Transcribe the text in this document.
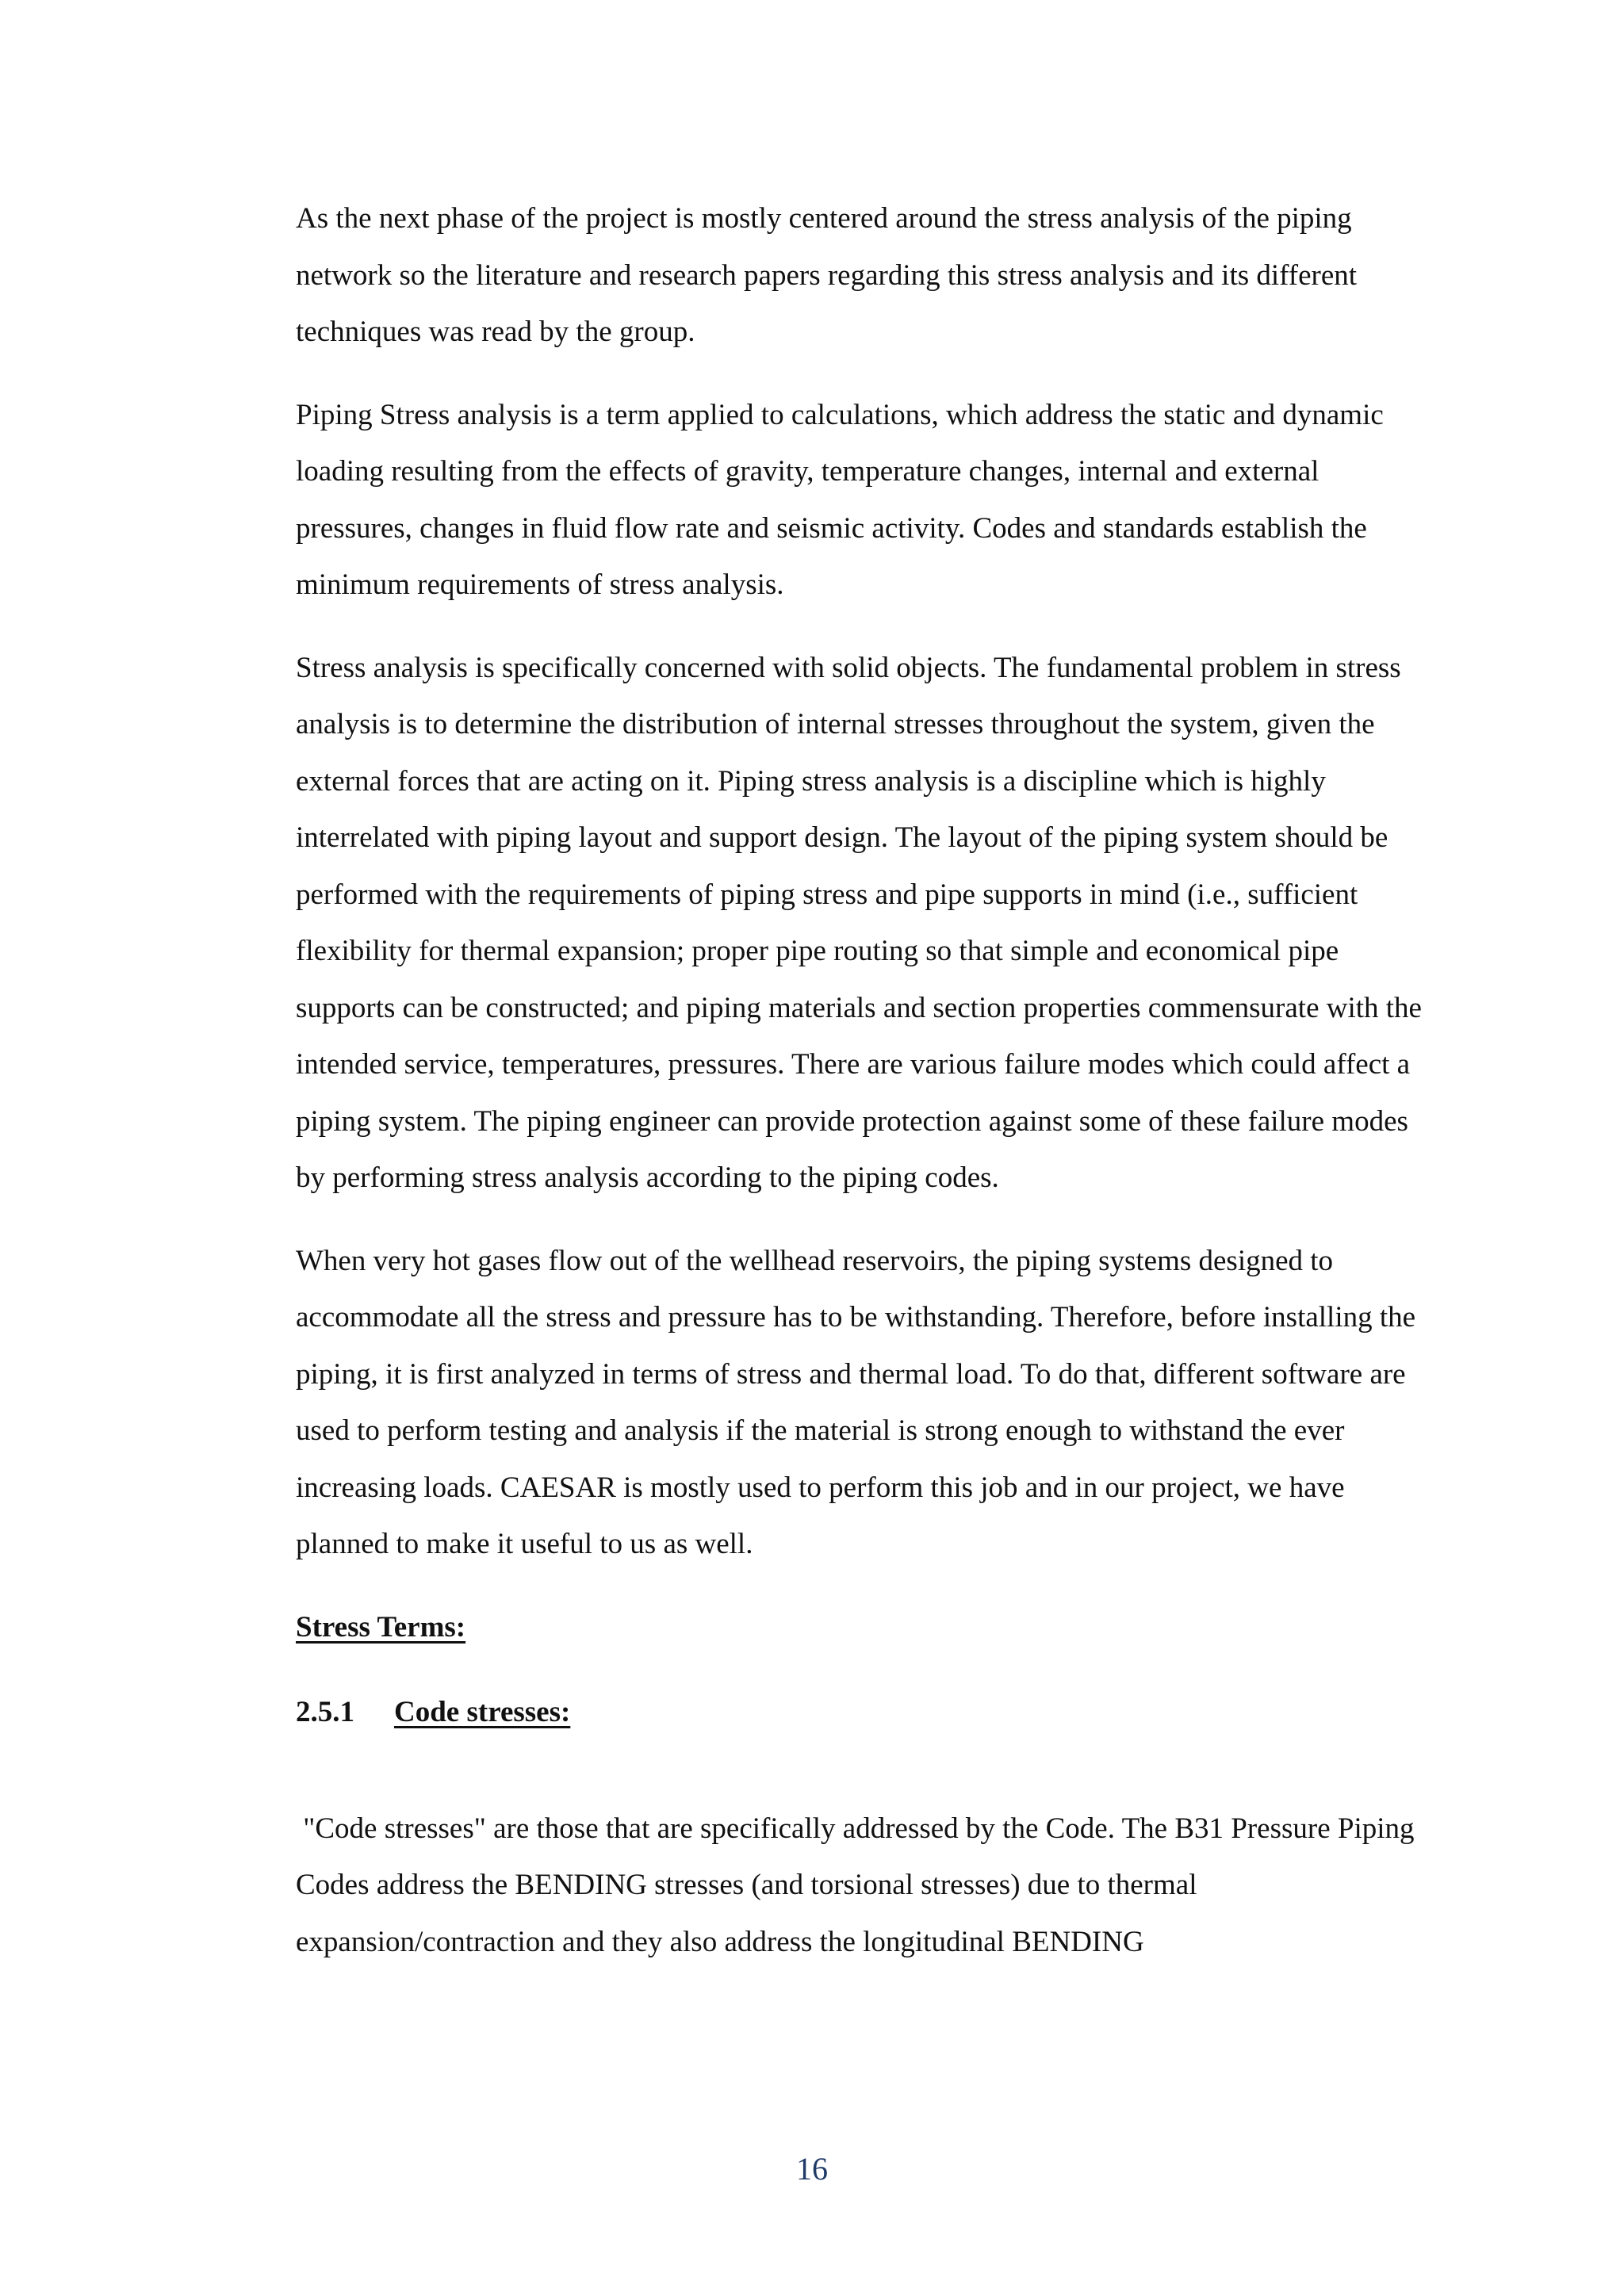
As the next phase of the project is mostly centered around the stress analysis of the piping network so the literature and research papers regarding this stress analysis and its different techniques was read by the group.

Piping Stress analysis is a term applied to calculations, which address the static and dynamic loading resulting from the effects of gravity, temperature changes, internal and external pressures, changes in fluid flow rate and seismic activity. Codes and standards establish the minimum requirements of stress analysis.

Stress analysis is specifically concerned with solid objects. The fundamental problem in stress analysis is to determine the distribution of internal stresses throughout the system, given the external forces that are acting on it. Piping stress analysis is a discipline which is highly interrelated with piping layout and support design. The layout of the piping system should be performed with the requirements of piping stress and pipe supports in mind (i.e., sufficient flexibility for thermal expansion; proper pipe routing so that simple and economical pipe supports can be constructed; and piping materials and section properties commensurate with the intended service, temperatures, pressures. There are various failure modes which could affect a piping system. The piping engineer can provide protection against some of these failure modes by performing stress analysis according to the piping codes.

When very hot gases flow out of the wellhead reservoirs, the piping systems designed to accommodate all the stress and pressure has to be withstanding. Therefore, before installing the piping, it is first analyzed in terms of stress and thermal load. To do that, different software are used to perform testing and analysis if the material is strong enough to withstand the ever increasing loads. CAESAR is mostly used to perform this job and in our project, we have planned to make it useful to us as well.

Stress Terms:

2.5.1 Code stresses:

"Code stresses" are those that are specifically addressed by the Code. The B31 Pressure Piping Codes address the BENDING stresses (and torsional stresses) due to thermal expansion/contraction and they also address the longitudinal BENDING

16
